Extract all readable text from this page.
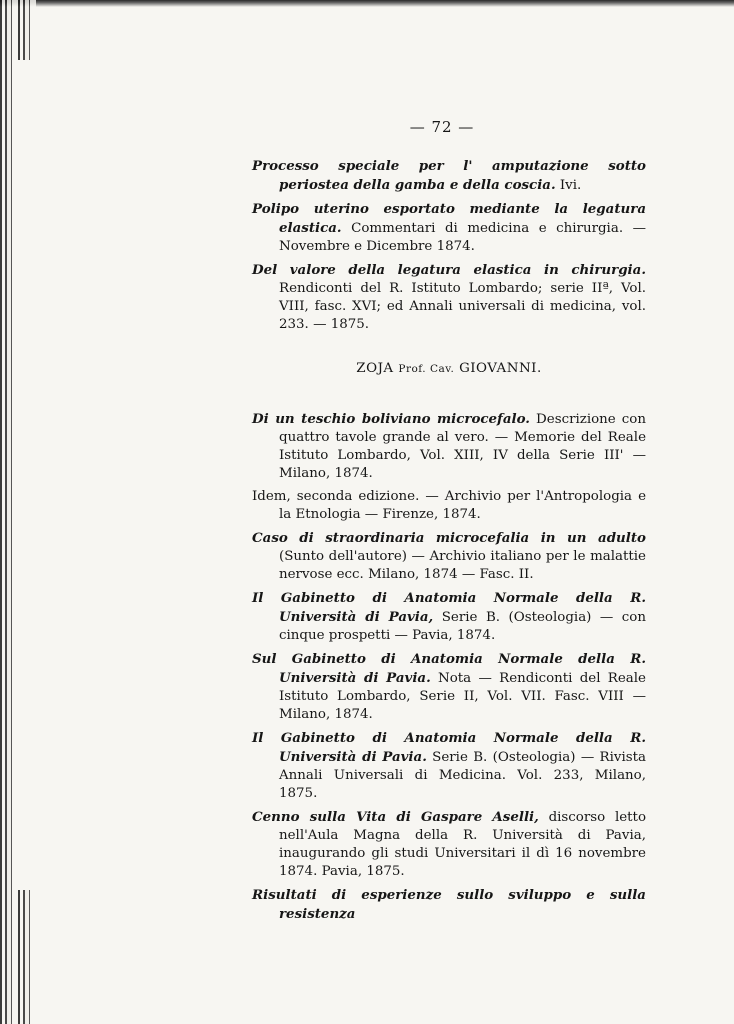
— 72 —

Processo speciale per l' amputazione sotto periostea della gamba e della coscia. Ivi.

Polipo uterino esportato mediante la legatura elastica. Commentari di medicina e chirurgia. — Novembre e Dicembre 1874.

Del valore della legatura elastica in chirurgia. Rendiconti del R. Istituto Lombardo; serie IIª, Vol. VIII, fasc. XVI; ed Annali universali di medicina, vol. 233. — 1875.

ZOJA Prof. Cav. GIOVANNI.

Di un teschio boliviano microcefalo. Descrizione con quattro tavole grande al vero. — Memorie del Reale Istituto Lombardo, Vol. XIII, IV della Serie III' — Milano, 1874.

Idem, seconda edizione. — Archivio per l'Antropologia e la Etnologia — Firenze, 1874.

Caso di straordinaria microcefalia in un adulto (Sunto dell'autore) — Archivio italiano per le malattie nervose ecc. Milano, 1874 — Fasc. II.

Il Gabinetto di Anatomia Normale della R. Università di Pavia, Serie B. (Osteologia) — con cinque prospetti — Pavia, 1874.

Sul Gabinetto di Anatomia Normale della R. Università di Pavia. Nota — Rendiconti del Reale Istituto Lombardo, Serie II, Vol. VII. Fasc. VIII — Milano, 1874.

Il Gabinetto di Anatomia Normale della R. Università di Pavia. Serie B. (Osteologia) — Rivista Annali Universali di Medicina. Vol. 233, Milano, 1875.

Cenno sulla Vita di Gaspare Aselli, discorso letto nell'Aula Magna della R. Università di Pavia, inaugurando gli studi Universitari il dì 16 novembre 1874. Pavia, 1875.

Risultati di esperienze sullo sviluppo e sulla resistenza
